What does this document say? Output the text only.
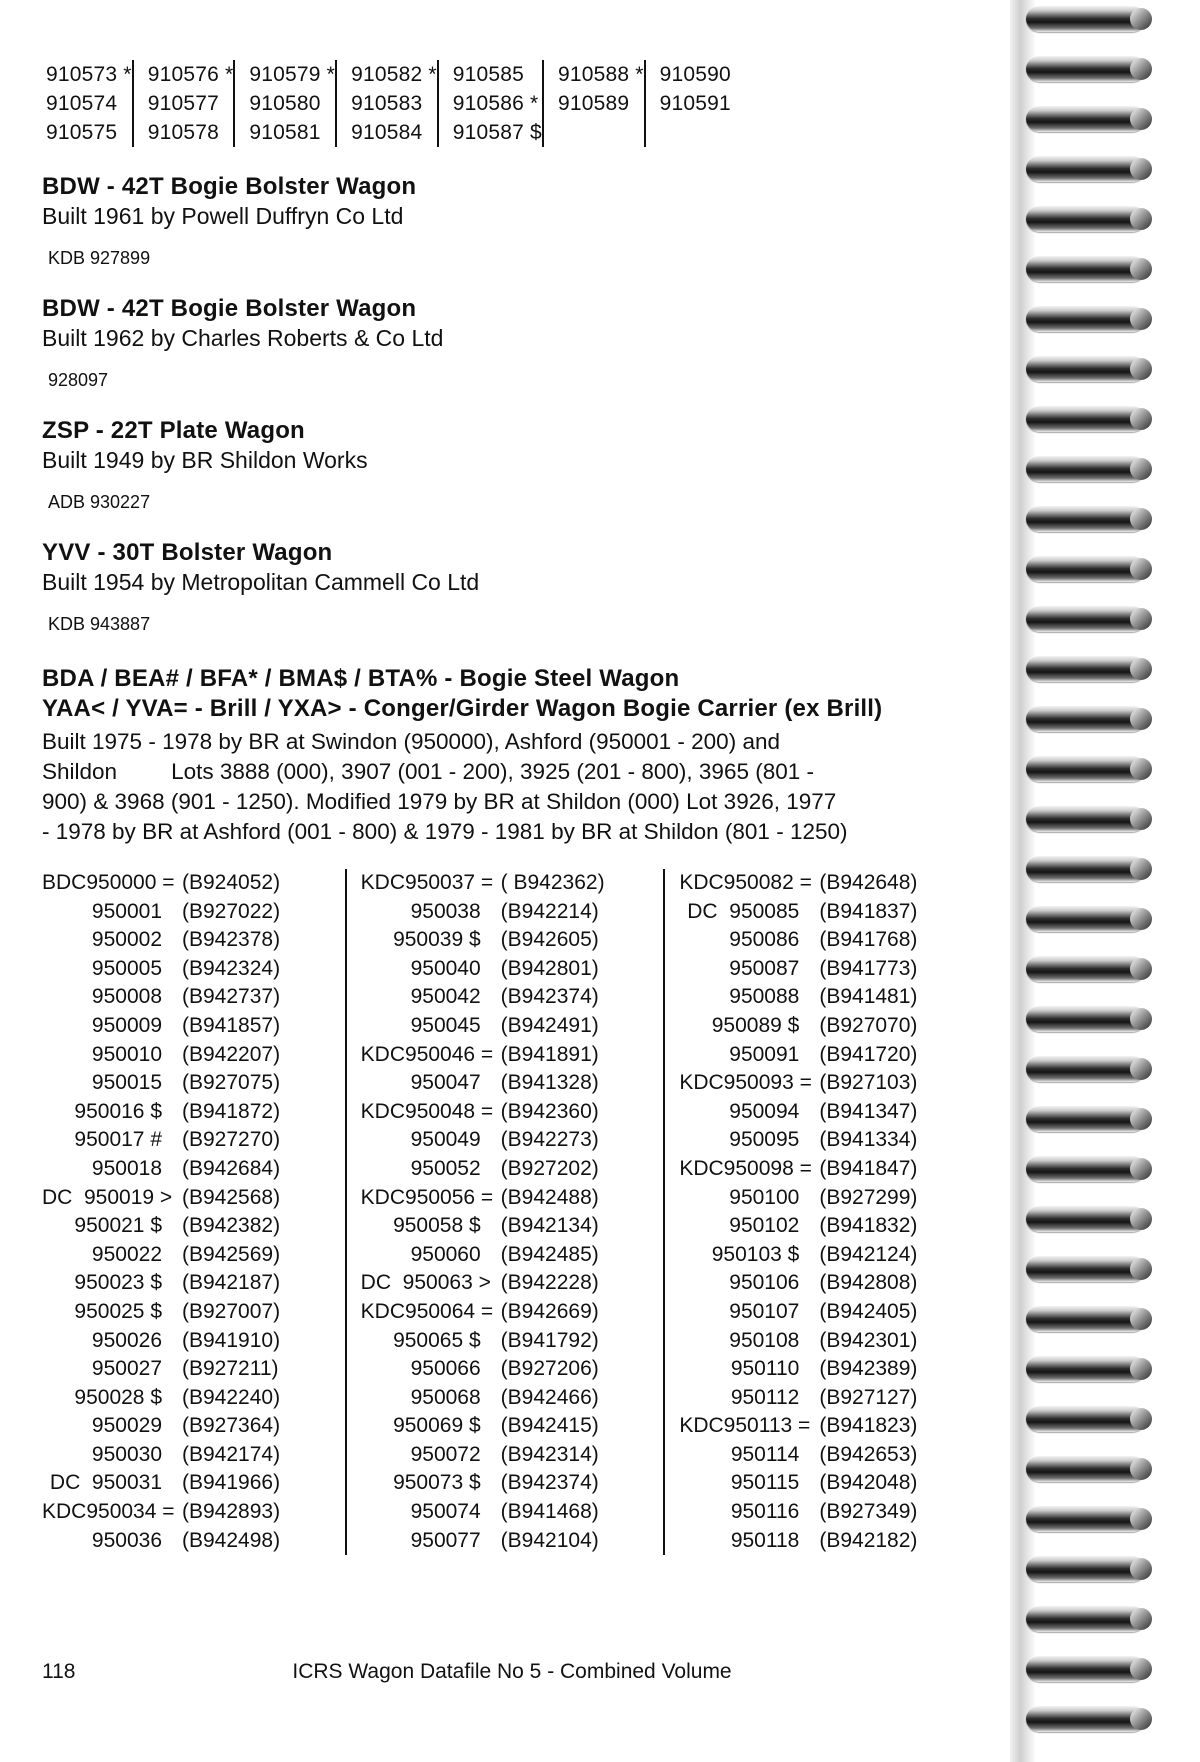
910573 *
910574
910575
910576 *
910577
910578
910579 *
910580
910581
910582 *
910583
910584
910585
910586 *
910587 $
910588 *
910589
910590
910591
BDW - 42T Bogie Bolster Wagon

Built 1961 by Powell Duffryn Co Ltd

KDB 927899

BDW - 42T Bogie Bolster Wagon

Built 1962 by Charles Roberts & Co Ltd

928097

ZSP - 22T Plate Wagon

Built 1949 by BR Shildon Works

ADB 930227

YVV - 30T Bolster Wagon

Built 1954 by Metropolitan Cammell Co Ltd

KDB 943887

BDA / BEA# / BFA* / BMA$ / BTA% - Bogie Steel Wagon
YAA< / YVA= - Brill / YXA> - Conger/Girder Wagon Bogie Carrier (ex Brill)

Built 1975 - 1978 by BR at Swindon (950000), Ashford (950001 - 200) and
Shildon Lots 3888 (000), 3907 (001 - 200), 3925 (201 - 800), 3965 (801 -
900) & 3968 (901 - 1250). Modified 1979 by BR at Shildon (000) Lot 3926, 1977
- 1978 by BR at Ashford (001 - 800) & 1979 - 1981 by BR at Shildon (801 - 1250)

BDC950000 = (B924052)
950001 (B927022)
950002 (B942378)
950005 (B942324)
950008 (B942737)
950009 (B941857)
950010 (B942207)
950015 (B927075)
950016 $ (B941872)
950017 # (B927270)
950018 (B942684)
DC  950019 > (B942568)
950021 $ (B942382)
950022 (B942569)
950023 $ (B942187)
950025 $ (B927007)
950026 (B941910)
950027 (B927211)
950028 $ (B942240)
950029 (B927364)
950030 (B942174)
DC  950031 (B941966)
KDC950034 = (B942893)
950036 (B942498)
KDC950037 = ( B942362)
950038 (B942214)
950039 $ (B942605)
950040 (B942801)
950042 (B942374)
950045 (B942491)
KDC950046 = (B941891)
950047 (B941328)
KDC950048 = (B942360)
950049 (B942273)
950052 (B927202)
KDC950056 = (B942488)
950058 $ (B942134)
950060 (B942485)
DC  950063 > (B942228)
KDC950064 = (B942669)
950065 $ (B941792)
950066 (B927206)
950068 (B942466)
950069 $ (B942415)
950072 (B942314)
950073 $ (B942374)
950074 (B941468)
950077 (B942104)
KDC950082 = (B942648)
DC  950085 (B941837)
950086 (B941768)
950087 (B941773)
950088 (B941481)
950089 $ (B927070)
950091 (B941720)
KDC950093 = (B927103)
950094 (B941347)
950095 (B941334)
KDC950098 = (B941847)
950100 (B927299)
950102 (B941832)
950103 $ (B942124)
950106 (B942808)
950107 (B942405)
950108 (B942301)
950110 (B942389)
950112 (B927127)
KDC950113 = (B941823)
950114 (B942653)
950115 (B942048)
950116 (B927349)
950118 (B942182)
118	ICRS Wagon Datafile No 5 - Combined Volume
